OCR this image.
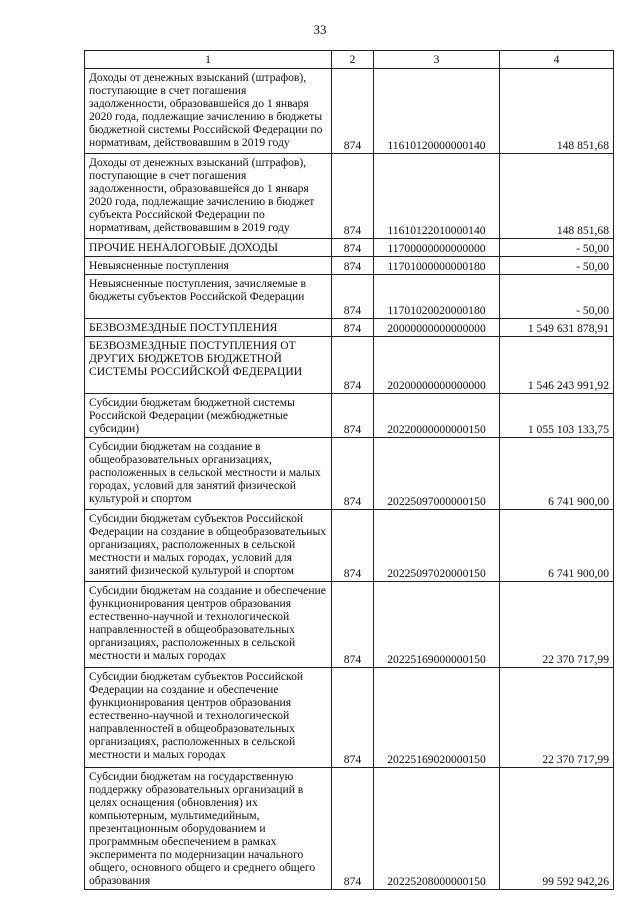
33
1	2	3	4
Доходы от денежных взысканий (штрафов), поступающие в счет погашения задолженности, образовавшейся до 1 января 2020 года, подлежащие зачислению в бюджеты бюджетной системы Российской Федерации по нормативам, действовавшим в 2019 году	874	11610120000000140	148 851,68
Доходы от денежных взысканий (штрафов), поступающие в счет погашения задолженности, образовавшейся до 1 января 2020 года, подлежащие зачислению в бюджет субъекта Российской Федерации по нормативам, действовавшим в 2019 году	874	11610122010000140	148 851,68
ПРОЧИЕ НЕНАЛОГОВЫЕ ДОХОДЫ	874	11700000000000000	- 50,00
Невыясненные поступления	874	11701000000000180	- 50,00
Невыясненные поступления, зачисляемые в бюджеты субъектов Российской Федерации	874	11701020020000180	- 50,00
БЕЗВОЗМЕЗДНЫЕ ПОСТУПЛЕНИЯ	874	20000000000000000	1 549 631 878,91
БЕЗВОЗМЕЗДНЫЕ ПОСТУПЛЕНИЯ ОТ ДРУГИХ БЮДЖЕТОВ БЮДЖЕТНОЙ СИСТЕМЫ РОССИЙСКОЙ ФЕДЕРАЦИИ	874	20200000000000000	1 546 243 991,92
Субсидии бюджетам бюджетной системы Российской Федерации (межбюджетные субсидии)	874	20220000000000150	1 055 103 133,75
Субсидии бюджетам на создание в общеобразовательных организациях, расположенных в сельской местности и малых городах, условий для занятий физической культурой и спортом	874	20225097000000150	6 741 900,00
Субсидии бюджетам субъектов Российской Федерации на создание в общеобразовательных организациях, расположенных в сельской местности и малых городах, условий для занятий физической культурой и спортом	874	20225097020000150	6 741 900,00
Субсидии бюджетам на создание и обеспечение функционирования центров образования естественно-научной и технологической направленностей в общеобразовательных организациях, расположенных в сельской местности и малых городах	874	20225169000000150	22 370 717,99
Субсидии бюджетам субъектов Российской Федерации на создание и обеспечение функционирования центров образования естественно-научной и технологической направленностей в общеобразовательных организациях, расположенных в сельской местности и малых городах	874	20225169020000150	22 370 717,99
Субсидии бюджетам на государственную поддержку образовательных организаций в целях оснащения (обновления) их компьютерным, мультимедийным, презентационным оборудованием и программным обеспечением в рамках эксперимента по модернизации начального общего, основного общего и среднего общего образования	874	20225208000000150	99 592 942,26
